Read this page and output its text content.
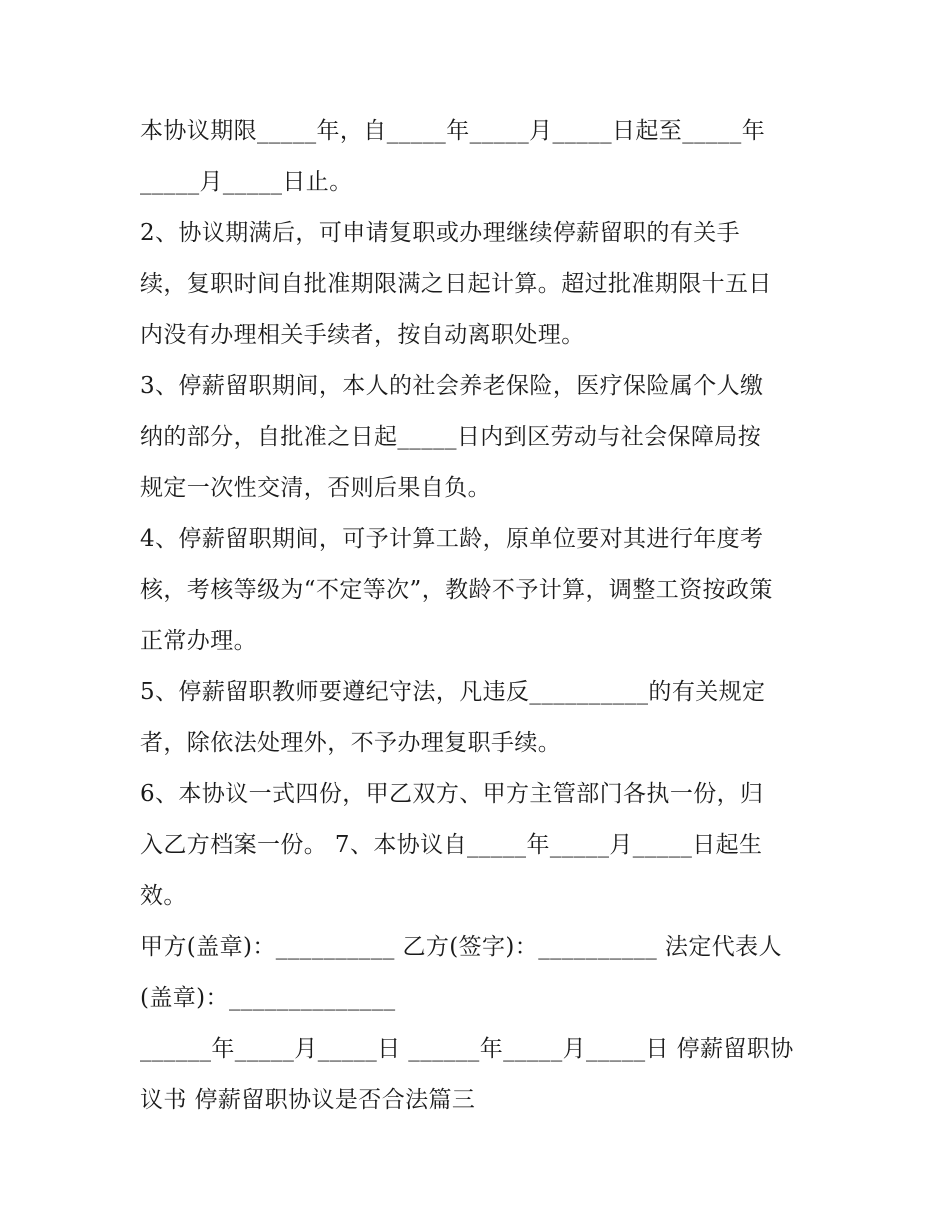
本协议期限_____年，自_____年_____月_____日起至_____年
_____月_____日止。
2、协议期满后，可申请复职或办理继续停薪留职的有关手
续，复职时间自批准期限满之日起计算。超过批准期限十五日
内没有办理相关手续者，按自动离职处理。
3、停薪留职期间，本人的社会养老保险，医疗保险属个人缴
纳的部分，自批准之日起_____日内到区劳动与社会保障局按
规定一次性交清，否则后果自负。
4、停薪留职期间，可予计算工龄，原单位要对其进行年度考
核，考核等级为“不定等次”，教龄不予计算，调整工资按政策
正常办理。
5、停薪留职教师要遵纪守法，凡违反__________的有关规定
者，除依法处理外，不予办理复职手续。
6、本协议一式四份，甲乙双方、甲方主管部门各执一份，归
入乙方档案一份。 7、本协议自_____年_____月_____日起生
效。
甲方(盖章)：__________ 乙方(签字)：__________ 法定代表人
(盖章)：______________
______年_____月_____日 ______年_____月_____日 停薪留职协
议书 停薪留职协议是否合法篇三
